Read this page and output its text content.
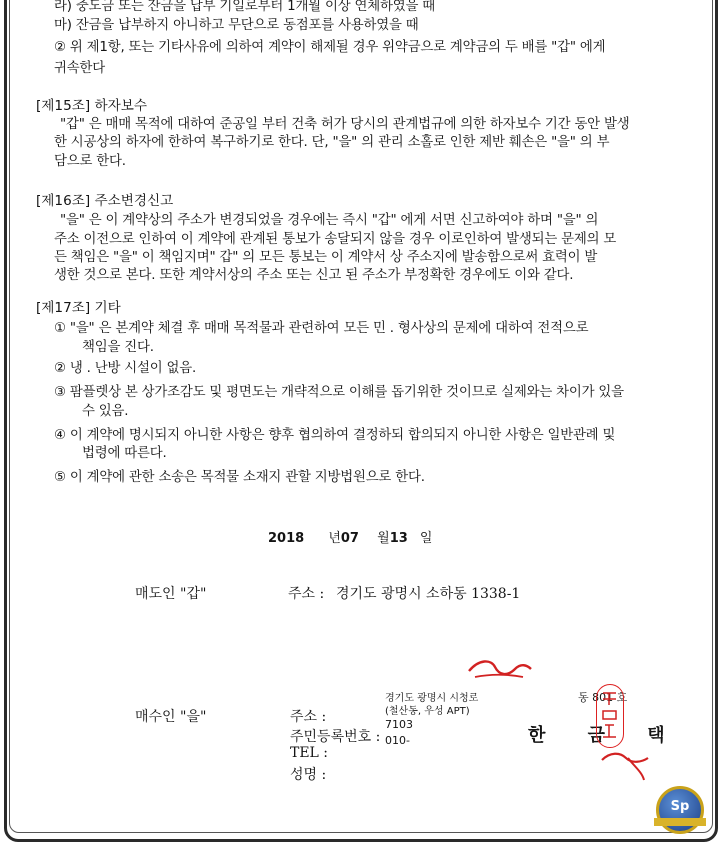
라) 중도금 또는 잔금을 납부 기일로부터 1개월 이상 연체하였을 때
마) 잔금을 납부하지 아니하고 무단으로 동점포를 사용하였을 때
② 위 제1항, 또는 기타사유에 의하여 계약이 해제될 경우 위약금으로 계약금의 두 배를 "갑" 에게
귀속한다
[제15조] 하자보수
"갑" 은 매매 목적에 대하여 준공일 부터 건축 허가 당시의 관계법규에 의한 하자보수 기간 동안 발생
한 시공상의 하자에 한하여 복구하기로 한다. 단, "을" 의 관리 소홀로 인한 제반 훼손은 "을" 의 부
담으로 한다.
[제16조] 주소변경신고
"을" 은 이 계약상의 주소가 변경되었을 경우에는 즉시 "갑" 에게 서면 신고하여야 하며 "을" 의
주소 이전으로 인하여 이 계약에 관계된 통보가 송달되지 않을 경우 이로인하여 발생되는 문제의 모
든 책임은 "을" 이 책임지며" 갑" 의 모든 통보는 이 계약서 상 주소지에 발송함으로써 효력이 발
생한 것으로 본다. 또한 계약서상의 주소 또는 신고 된 주소가 부정확한 경우에도 이와 같다.
[제17조] 기타
① "을" 은 본계약 체결 후 매매 목적물과 관련하여 모든 민 . 형사상의 문제에 대하여 전적으로
책임을 진다.
② 냉 . 난방 시설이 없음.
③ 팜플렛상 본 상가조감도 및 평면도는 개략적으로 이해를 돕기위한 것이므로 실제와는 차이가 있을
수 있음.
④ 이 계약에 명시되지 아니한 사항은 향후 협의하여 결정하되 합의되지 아니한 사항은 일반관례 및
법령에 따른다.
⑤ 이 계약에 관한 소송은 목적물 소재지 관할 지방법원으로 한다.
2018 년07 월13 일
매도인 "갑"	주소 : 경기도 광명시 소하동 1338-1
매수인 "을"	주소 :
주민등록번호 :
TEL :
성명 :
경기도 광명시 시청로
(철산동, 우성 APT)
동 801 호
7103
010-	한 금 택
Sp
